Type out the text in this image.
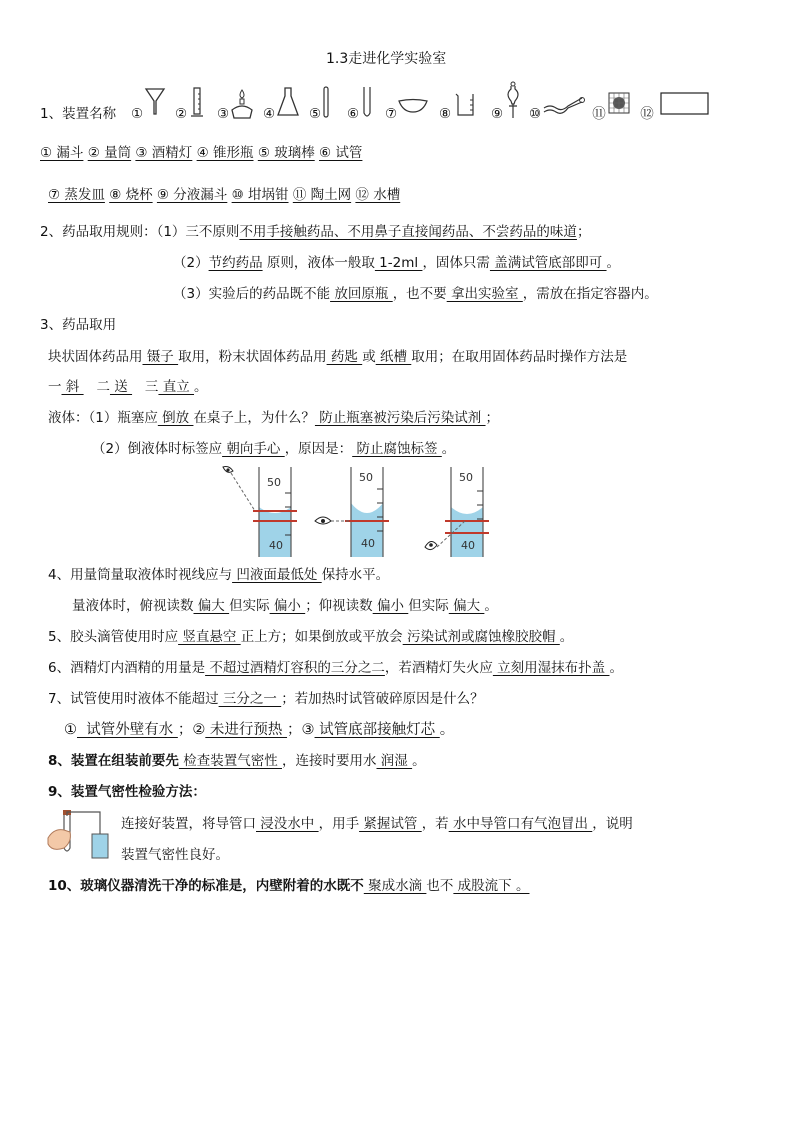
1.3走进化学实验室
1、装置名称 ① ② ③	④	⑤ ⑥ ⑦	⑧	⑨ ⑩	⑪	⑫
① 漏斗 ② 量筒 ③ 酒精灯 ④ 锥形瓶 ⑤ 玻璃棒 ⑥ 试管
⑦ 蒸发皿 ⑧ 烧杯 ⑨ 分液漏斗 ⑩ 坩埚钳 ⑪ 陶土网 ⑫ 水槽
2、药品取用规则：（1）三不原则不用手接触药品、不用鼻子直接闻药品、不尝药品的味道；
（2）节约药品 原则，液体一般取 1-2ml ，固体只需 盖满试管底部即可 。
（3）实验后的药品既不能 放回原瓶 ，也不要 拿出实验室 ，需放在指定容器内。
3、药品取用
块状固体药品用 镊子 取用，粉末状固体药品用 药匙 或 纸槽 取用；在取用固体药品时操作方法是
一 斜    二 送    三 直立 。
液体：（1）瓶塞应 倒放 在桌子上，为什么？ 防止瓶塞被污染后污染试剂 ；
（2）倒液体时标签应 朝向手心 ，原因是： 防止腐蚀标签 。
50
40
50
40
50
40
4、用量筒量取液体时视线应与 凹液面最低处 保持水平。
量液体时，俯视读数 偏大 但实际 偏小 ；仰视读数 偏小 但实际 偏大 。
5、胶头滴管使用时应 竖直悬空 正上方；如果倒放或平放会 污染试剂或腐蚀橡胶胶帽 。
6、酒精灯内酒精的用量是 不超过酒精灯容积的三分之二，若酒精灯失火应 立刻用湿抹布扑盖 。
7、试管使用时液体不能超过 三分之一 ；若加热时试管破碎原因是什么？
①  试管外壁有水 ；② 未进行预热 ；③ 试管底部接触灯芯 。
8、装置在组装前要先 检查装置气密性 ，连接时要用水 润湿 。
9、装置气密性检验方法：
连接好装置，将导管口 浸没水中 ，用手 紧握试管 ，若 水中导管口有气泡冒出 ，说明
装置气密性良好。
10、玻璃仪器清洗干净的标准是，内壁附着的水既不 聚成水滴 也不 成股流下 。
